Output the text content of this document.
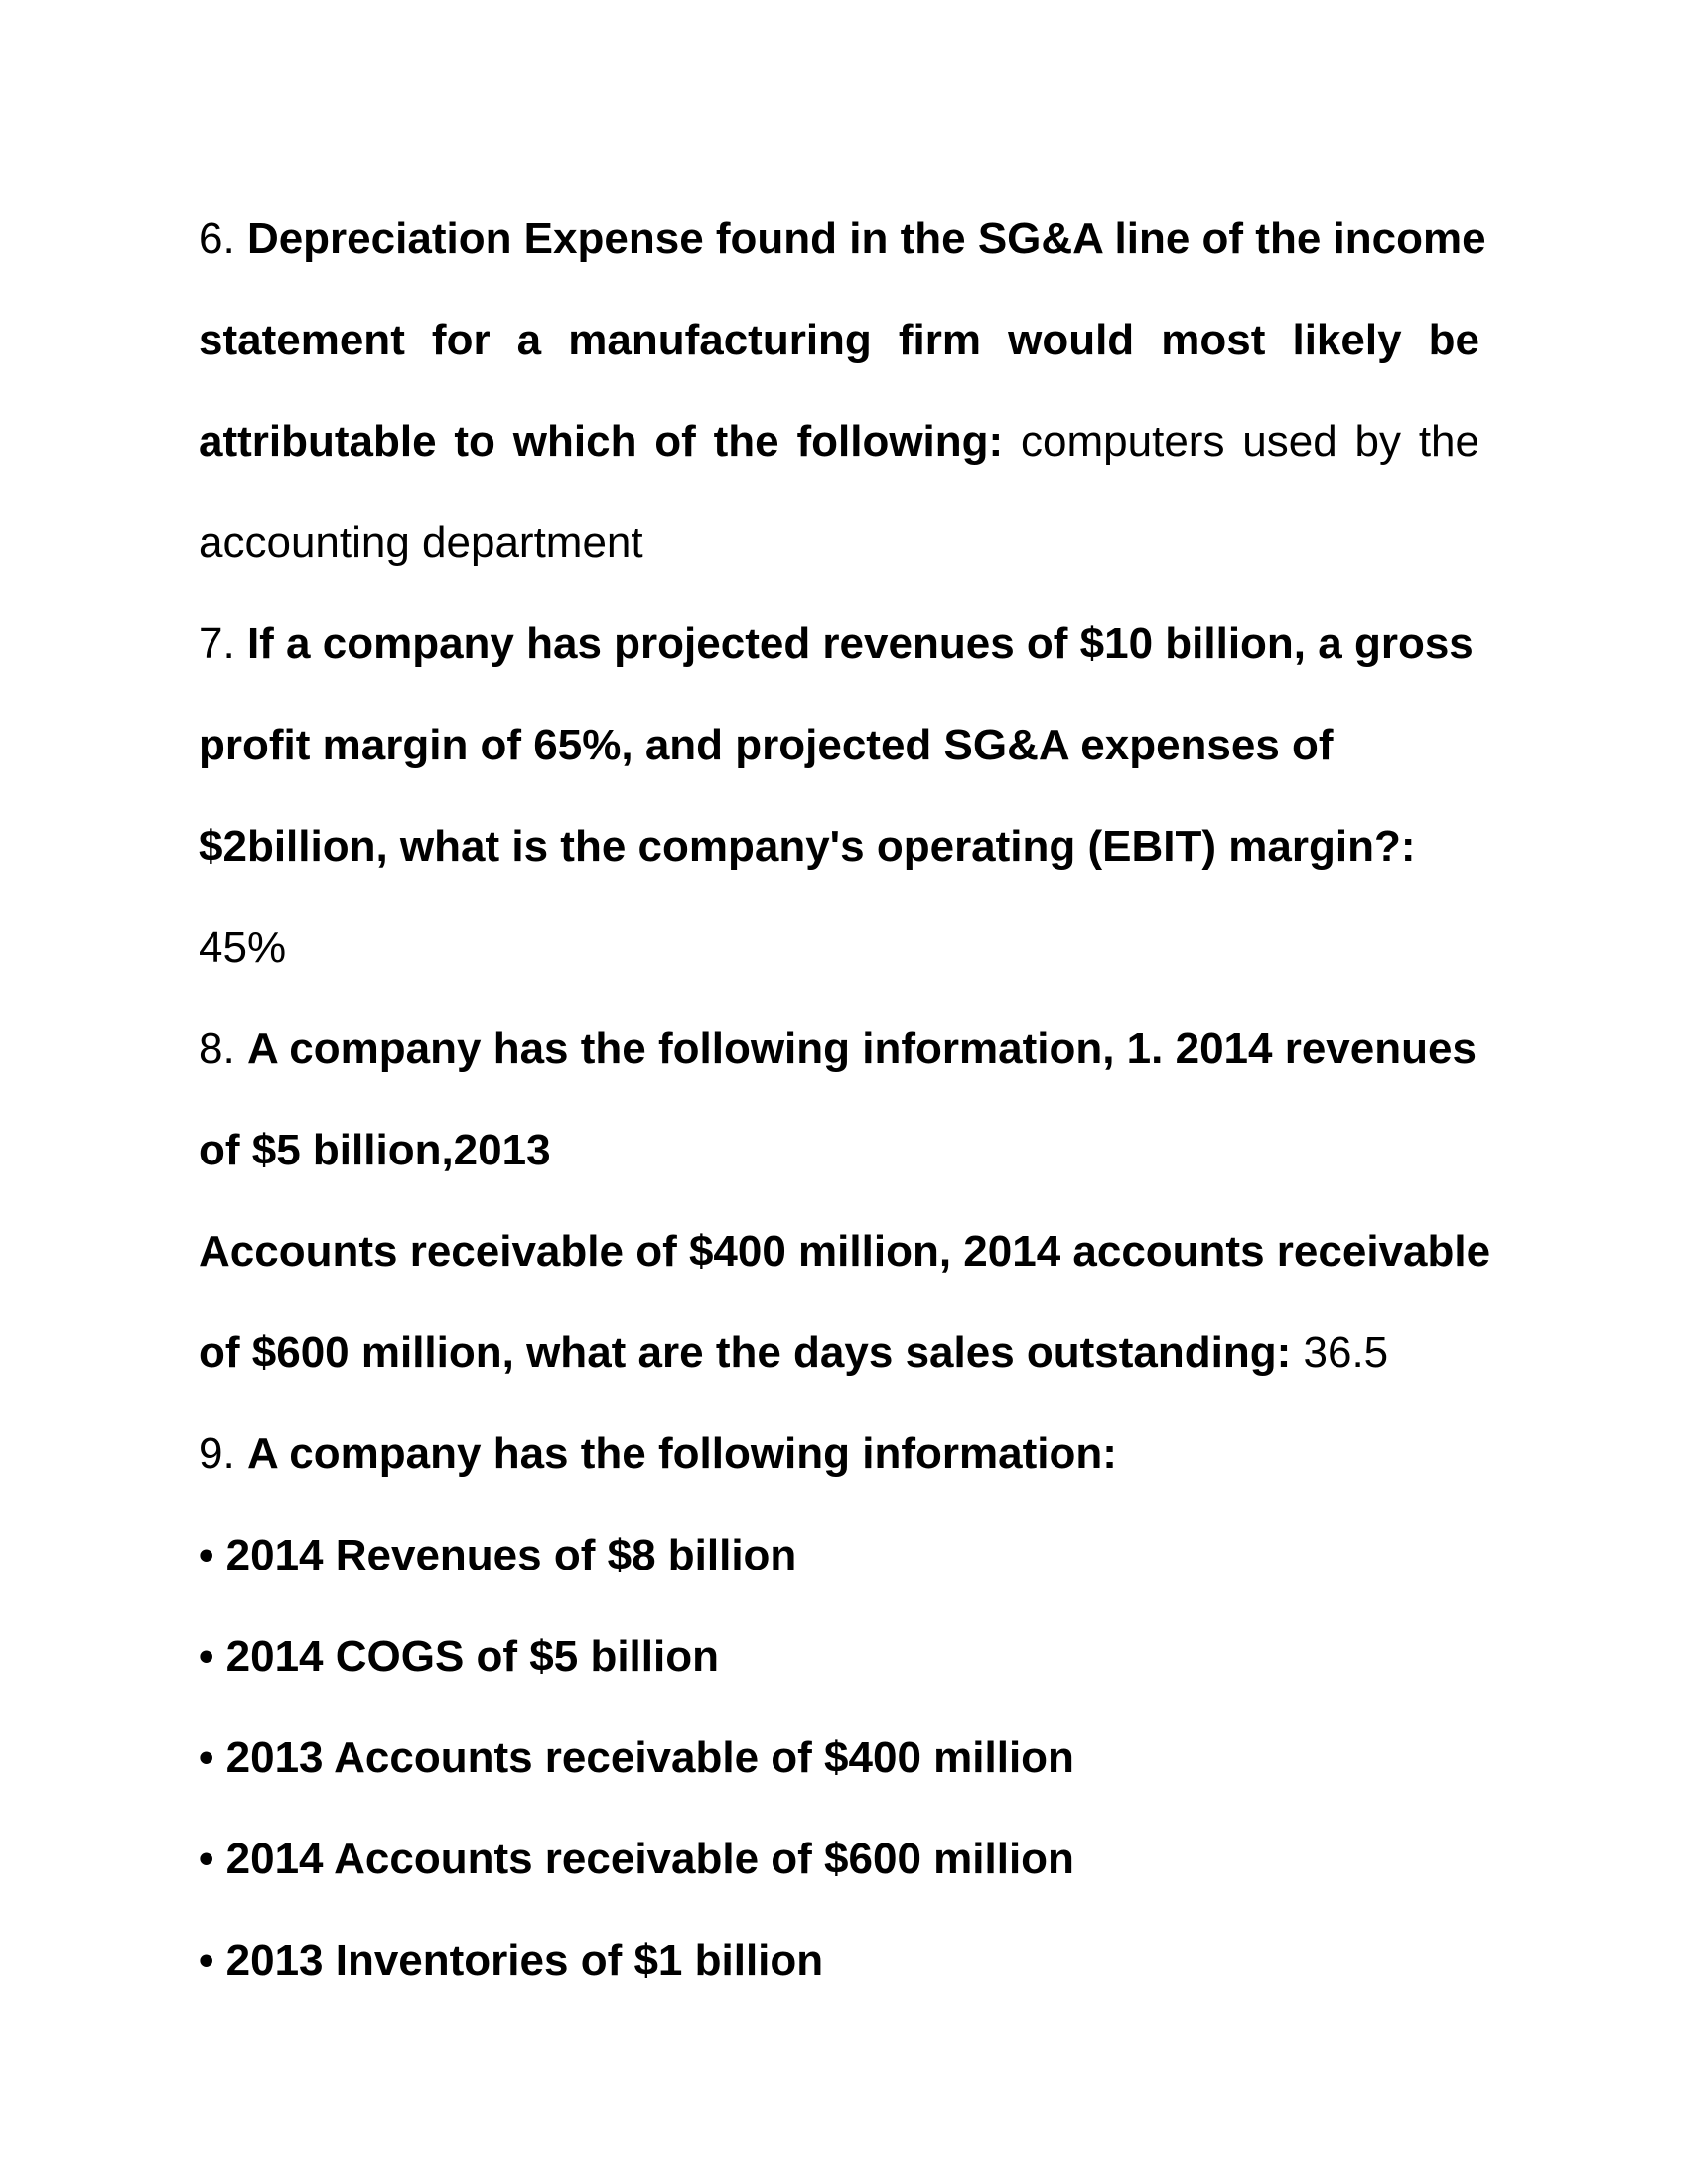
6. Depreciation Expense found in the SG&A line of the income
statement for a manufacturing firm would most likely be
attributable to which of the following: computers used by the
accounting department
7. If a company has projected revenues of $10 billion, a gross
profit margin of 65%, and projected SG&A expenses of
$2billion, what is the company's operating (EBIT) margin?:
45%
8. A company has the following information, 1. 2014 revenues
of $5 billion,2013
Accounts receivable of $400 million, 2014 accounts receivable
of $600 million, what are the days sales outstanding: 36.5
9. A company has the following information:
• 2014 Revenues of $8 billion
• 2014 COGS of $5 billion
• 2013 Accounts receivable of $400 million
• 2014 Accounts receivable of $600 million
• 2013 Inventories of $1 billion
